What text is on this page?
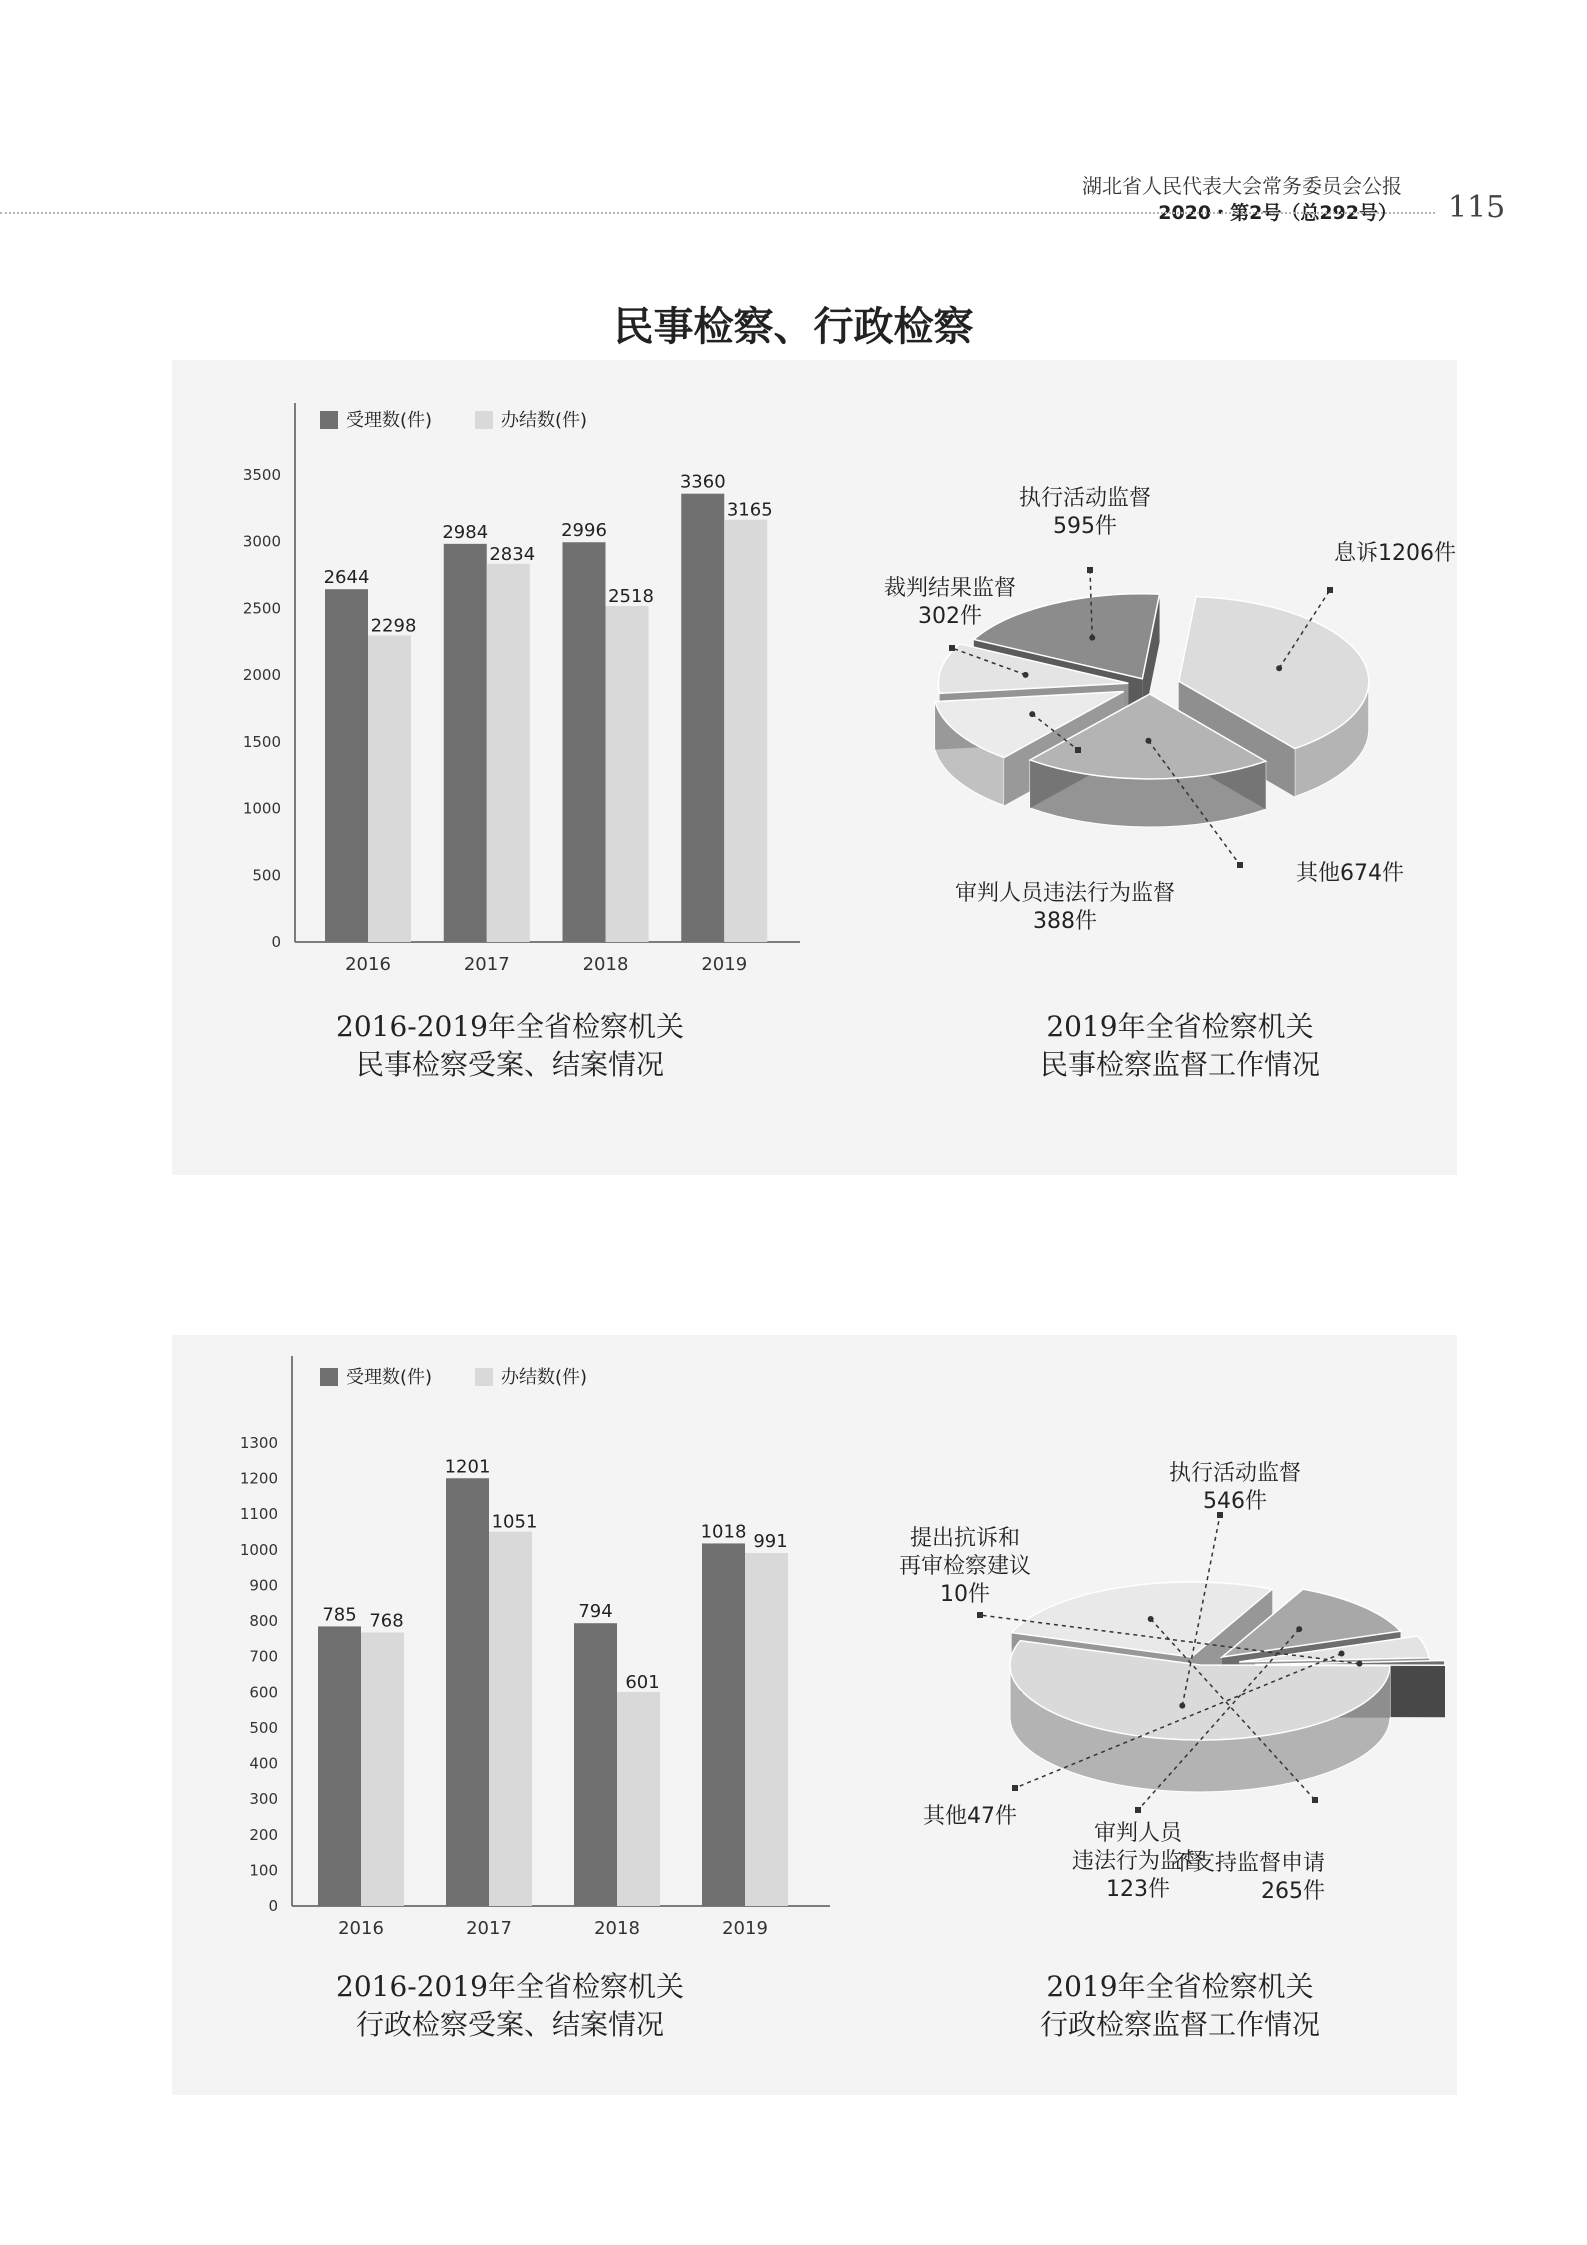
湖北省人民代表大会常务委员会公报
2020・第2号（总292号） 115
民事检察、行政检察
0
500
1000
1500
2000
2500
3000
3500
受理数(件)	办结数(件)
2644
2298
2016
2984
2834
2017
2996
2518
2018
3360
3165
2019
2016-2019年全省检察机关
民事检察受案、结案情况
息诉1206件
其他674件
审判人员违法行为监督
388件
裁判结果监督
302件
执行活动监督
595件
2019年全省检察机关
民事检察监督工作情况
0
100
200
300
400
500
600
700
800
900
1000
1100
1200
1300
受理数(件)	办结数(件)
785 768
2016
1201
1051
2017
794
601
2018
1018 991
2019
2016-2019年全省检察机关
行政检察受案、结案情况
执行活动监督
546件
不支持监督申请
265件
审判人员
违法行为监督
123件
其他47件
提出抗诉和
再审检察建议
10件
2019年全省检察机关
行政检察监督工作情况
